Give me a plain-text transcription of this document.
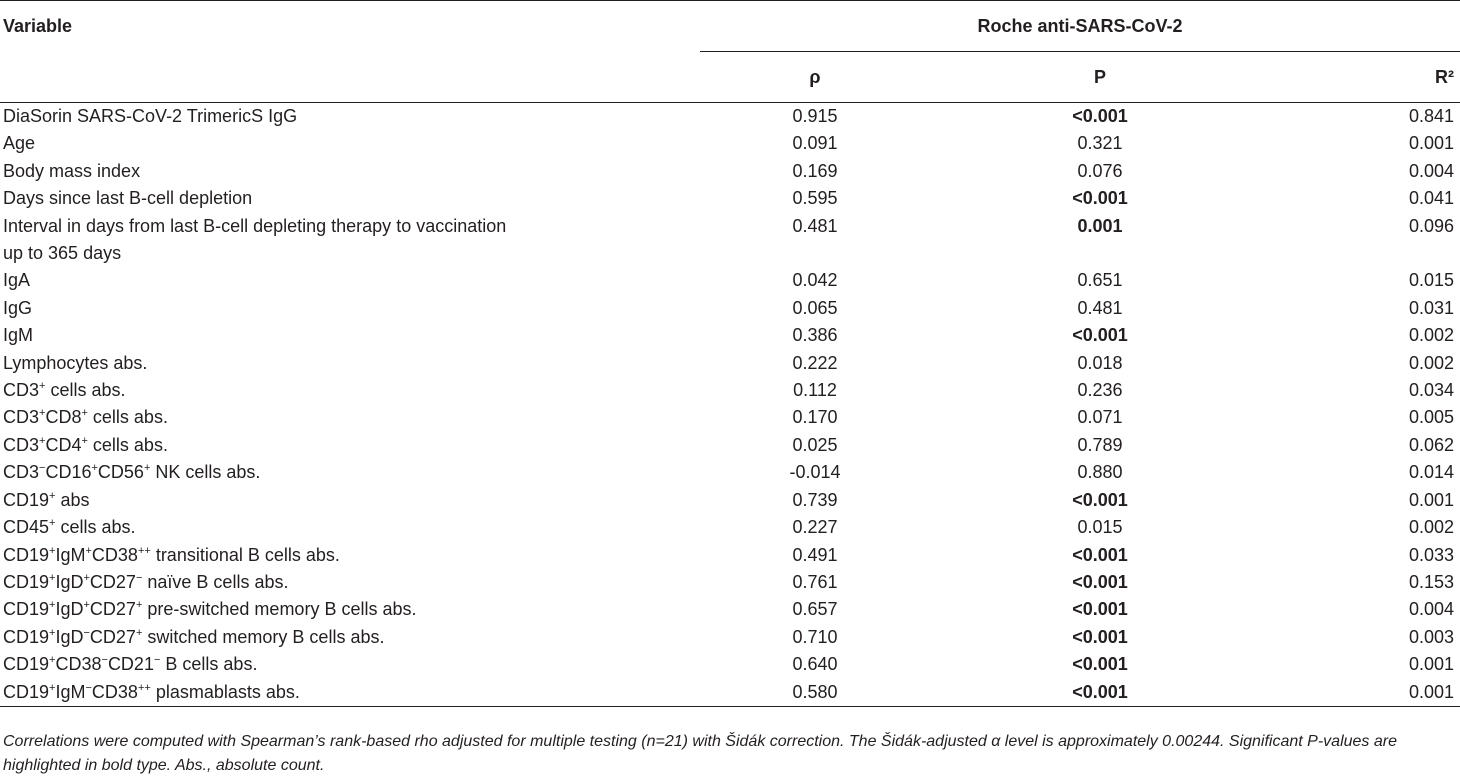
Variable	Roche anti-SARS-CoV-2		
	ρ	P	R²
DiaSorin SARS-CoV-2 TrimericS IgG	0.915	<0.001	0.841
Age	0.091	0.321	0.001
Body mass index	0.169	0.076	0.004
Days since last B-cell depletion	0.595	<0.001	0.041
Interval in days from last B-cell depleting therapy to vaccination
up to 365 days	0.481	0.001	0.096
IgA	0.042	0.651	0.015
IgG	0.065	0.481	0.031
IgM	0.386	<0.001	0.002
Lymphocytes abs.	0.222	0.018	0.002
CD3+ cells abs.	0.112	0.236	0.034
CD3+CD8+ cells abs.	0.170	0.071	0.005
CD3+CD4+ cells abs.	0.025	0.789	0.062
CD3−CD16+CD56+ NK cells abs.	-0.014	0.880	0.014
CD19+ abs	0.739	<0.001	0.001
CD45+ cells abs.	0.227	0.015	0.002
CD19+IgM+CD38++ transitional B cells abs.	0.491	<0.001	0.033
CD19+IgD+CD27− naïve B cells abs.	0.761	<0.001	0.153
CD19+IgD+CD27+ pre-switched memory B cells abs.	0.657	<0.001	0.004
CD19+IgD−CD27+ switched memory B cells abs.	0.710	<0.001	0.003
CD19+CD38−CD21− B cells abs.	0.640	<0.001	0.001
CD19+IgM−CD38++ plasmablasts abs.	0.580	<0.001	0.001
Correlations were computed with Spearman’s rank-based rho adjusted for multiple testing (n=21) with Šidák correction. The Šidák-adjusted α level is approximately 0.00244. Significant P-values are highlighted in bold type. Abs., absolute count.
